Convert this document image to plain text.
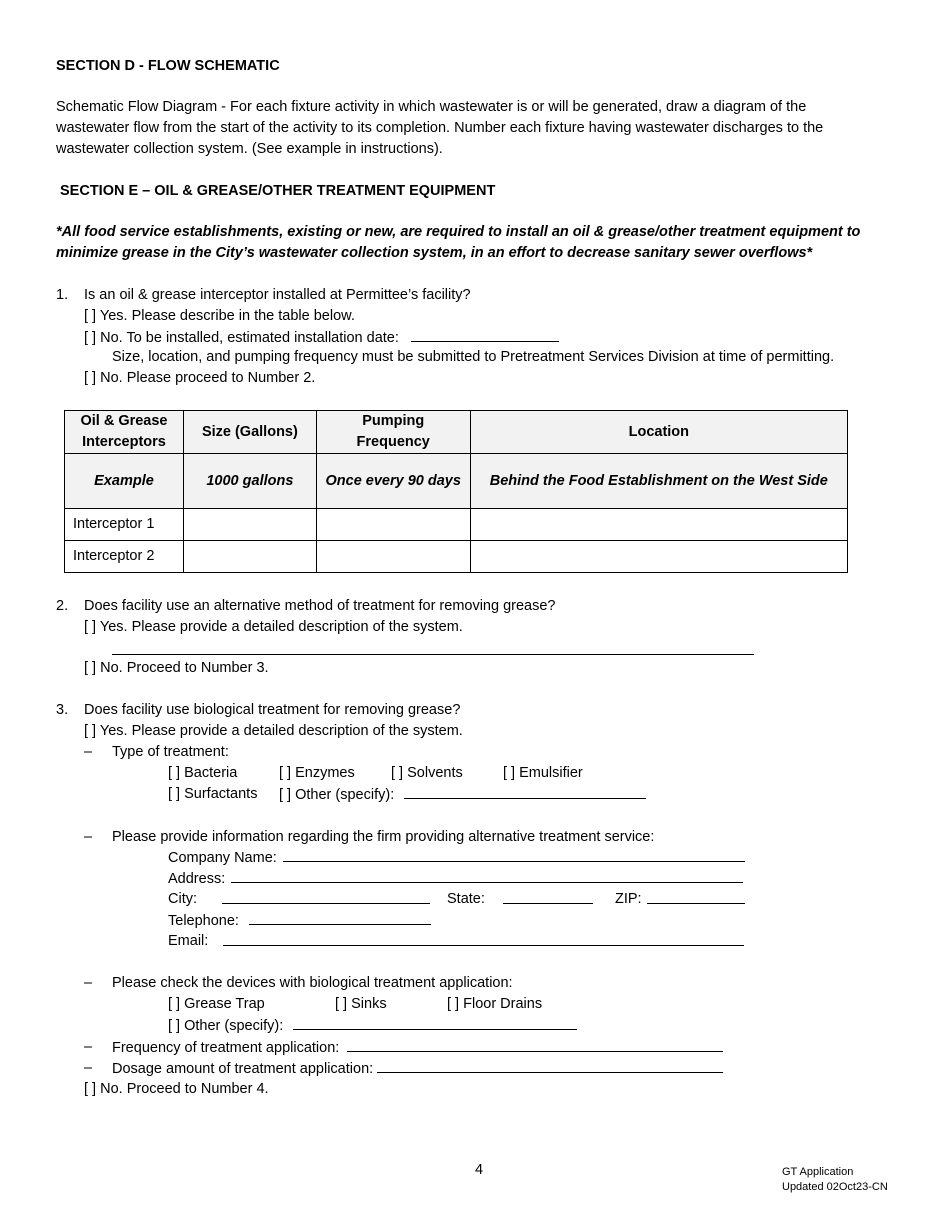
SECTION D - FLOW SCHEMATIC
Schematic Flow Diagram - For each fixture activity in which wastewater is or will be generated, draw a diagram of the
wastewater flow from the start of the activity to its completion. Number each fixture having wastewater discharges to the
wastewater collection system. (See example in instructions).
SECTION E – OIL & GREASE/OTHER TREATMENT EQUIPMENT
*All food service establishments, existing or new, are required to install an oil & grease/other treatment equipment to
minimize grease in the City’s wastewater collection system, in an effort to decrease sanitary sewer overflows*
1. Is an oil & grease interceptor installed at Permittee’s facility?
[ ] Yes. Please describe in the table below.
[ ] No. To be installed, estimated installation date:
Size, location, and pumping frequency must be submitted to Pretreatment Services Division at time of permitting.
[ ] No. Please proceed to Number 2.
Oil & Grease Interceptors	Size (Gallons)	Pumping Frequency	Location
Example	1000 gallons	Once every 90 days	Behind the Food Establishment on the West Side
Interceptor 1			
Interceptor 2			
2. Does facility use an alternative method of treatment for removing grease?
[ ] Yes. Please provide a detailed description of the system.
[ ] No. Proceed to Number 3.
3. Does facility use biological treatment for removing grease?
[ ] Yes. Please provide a detailed description of the system.
– Type of treatment:
[ ] Bacteria	[ ] Enzymes	[ ] Solvents	[ ] Emulsifier
[ ] Surfactants [ ] Other (specify):
– Please provide information regarding the firm providing alternative treatment service:
Company Name:
Address:
City:	State:	ZIP:
Telephone:
Email:
– Please check the devices with biological treatment application:
[ ] Grease Trap	[ ] Sinks	[ ] Floor Drains
[ ] Other (specify):
– Frequency of treatment application:
– Dosage amount of treatment application:
[ ] No. Proceed to Number 4.
4	GT Application
Updated 02Oct23-CN
